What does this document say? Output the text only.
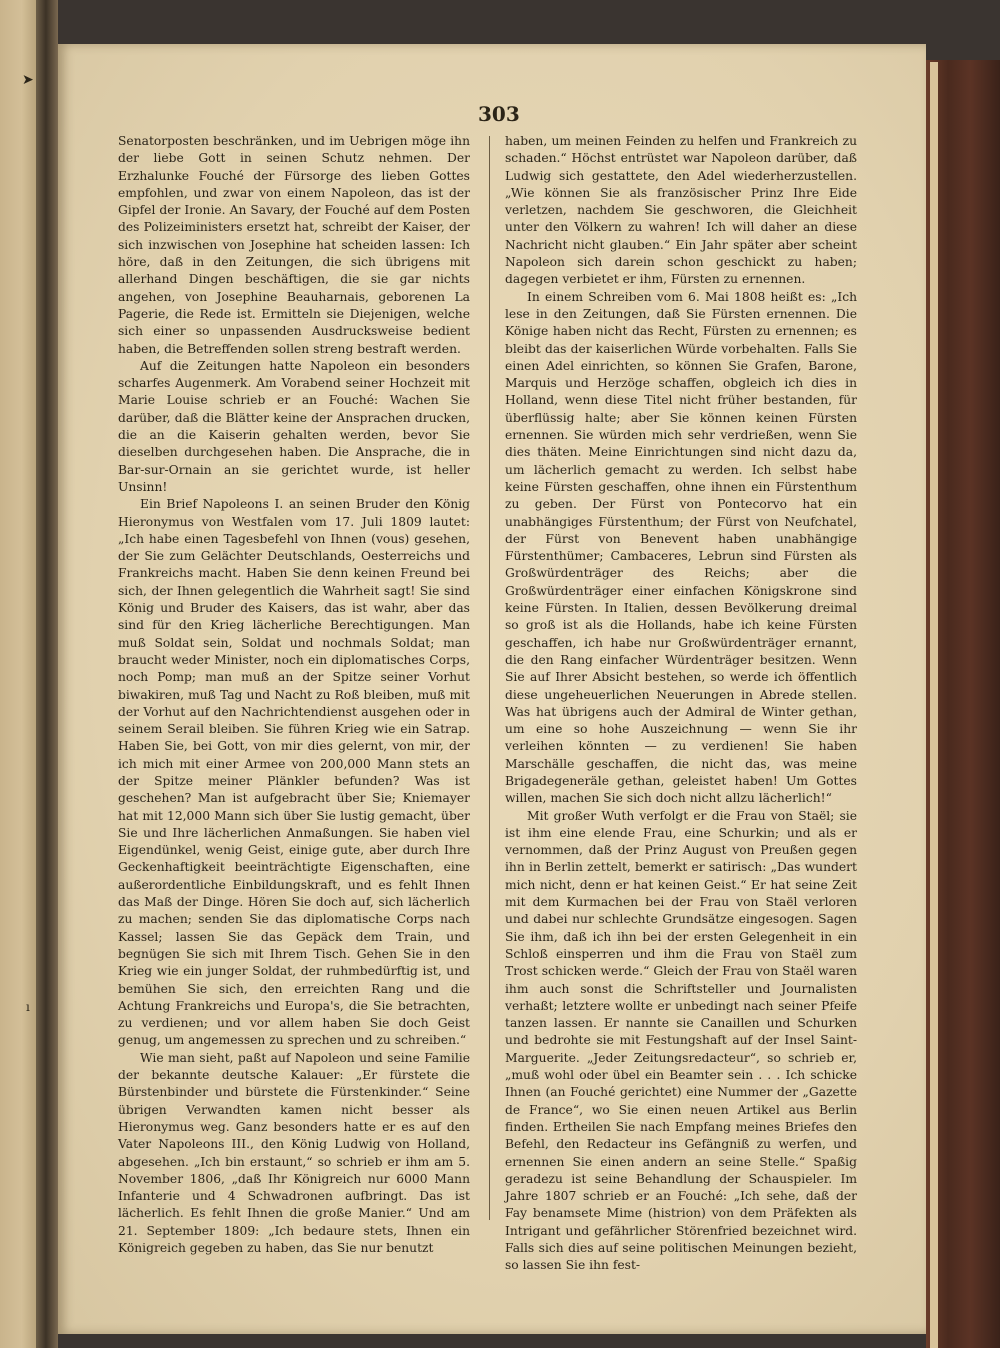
➤
ı
303

Senatorposten beschränken, und im Uebrigen möge ihn der liebe Gott in seinen Schutz nehmen. Der Erzhalunke Fouché der Fürsorge des lieben Gottes empfohlen, und zwar von einem Napoleon, das ist der Gipfel der Ironie. An Savary, der Fouché auf dem Posten des Polizeiministers ersetzt hat, schreibt der Kaiser, der sich inzwischen von Josephine hat scheiden lassen: Ich höre, daß in den Zeitungen, die sich übrigens mit allerhand Dingen beschäftigen, die sie gar nichts angehen, von Josephine Beauharnais, geborenen La Pagerie, die Rede ist. Ermitteln sie Diejenigen, welche sich einer so unpassenden Ausdrucksweise bedient haben, die Betreffenden sollen streng bestraft werden.

Auf die Zeitungen hatte Napoleon ein besonders scharfes Augenmerk. Am Vorabend seiner Hochzeit mit Marie Louise schrieb er an Fouché: Wachen Sie darüber, daß die Blätter keine der Ansprachen drucken, die an die Kaiserin gehalten werden, bevor Sie dieselben durchgesehen haben. Die Ansprache, die in Bar-sur-Ornain an sie gerichtet wurde, ist heller Unsinn!

Ein Brief Napoleons I. an seinen Bruder den König Hieronymus von Westfalen vom 17. Juli 1809 lautet: „Ich habe einen Tagesbefehl von Ihnen (vous) gesehen, der Sie zum Gelächter Deutschlands, Oesterreichs und Frankreichs macht. Haben Sie denn keinen Freund bei sich, der Ihnen gelegentlich die Wahrheit sagt! Sie sind König und Bruder des Kaisers, das ist wahr, aber das sind für den Krieg lächerliche Berechtigungen. Man muß Soldat sein, Soldat und nochmals Soldat; man braucht weder Minister, noch ein diplomatisches Corps, noch Pomp; man muß an der Spitze seiner Vorhut biwakiren, muß Tag und Nacht zu Roß bleiben, muß mit der Vorhut auf den Nachrichtendienst ausgehen oder in seinem Serail bleiben. Sie führen Krieg wie ein Satrap. Haben Sie, bei Gott, von mir dies gelernt, von mir, der ich mich mit einer Armee von 200,000 Mann stets an der Spitze meiner Plänkler befunden? Was ist geschehen? Man ist aufgebracht über Sie; Kniemayer hat mit 12,000 Mann sich über Sie lustig gemacht, über Sie und Ihre lächerlichen Anmaßungen. Sie haben viel Eigendünkel, wenig Geist, einige gute, aber durch Ihre Geckenhaftigkeit beeinträchtigte Eigenschaften, eine außerordentliche Einbildungskraft, und es fehlt Ihnen das Maß der Dinge. Hören Sie doch auf, sich lächerlich zu machen; senden Sie das diplomatische Corps nach Kassel; lassen Sie das Gepäck dem Train, und begnügen Sie sich mit Ihrem Tisch. Gehen Sie in den Krieg wie ein junger Soldat, der ruhmbedürftig ist, und bemühen Sie sich, den erreichten Rang und die Achtung Frankreichs und Europa's, die Sie betrachten, zu verdienen; und vor allem haben Sie doch Geist genug, um angemessen zu sprechen und zu schreiben.“

Wie man sieht, paßt auf Napoleon und seine Familie der bekannte deutsche Kalauer: „Er fürstete die Bürstenbinder und bürstete die Fürstenkinder.“ Seine übrigen Verwandten kamen nicht besser als Hieronymus weg. Ganz besonders hatte er es auf den Vater Napoleons III., den König Ludwig von Holland, abgesehen. „Ich bin erstaunt,“ so schrieb er ihm am 5. November 1806, „daß Ihr Königreich nur 6000 Mann Infanterie und 4 Schwadronen aufbringt. Das ist lächerlich. Es fehlt Ihnen die große Manier.“ Und am 21. September 1809: „Ich bedaure stets, Ihnen ein Königreich gegeben zu haben, das Sie nur benutzt

haben, um meinen Feinden zu helfen und Frankreich zu schaden.“ Höchst entrüstet war Napoleon darüber, daß Ludwig sich gestattete, den Adel wiederherzustellen. „Wie können Sie als französischer Prinz Ihre Eide verletzen, nachdem Sie geschworen, die Gleichheit unter den Völkern zu wahren! Ich will daher an diese Nachricht nicht glauben.“ Ein Jahr später aber scheint Napoleon sich darein schon geschickt zu haben; dagegen verbietet er ihm, Fürsten zu ernennen.

In einem Schreiben vom 6. Mai 1808 heißt es: „Ich lese in den Zeitungen, daß Sie Fürsten ernennen. Die Könige haben nicht das Recht, Fürsten zu ernennen; es bleibt das der kaiserlichen Würde vorbehalten. Falls Sie einen Adel einrichten, so können Sie Grafen, Barone, Marquis und Herzöge schaffen, obgleich ich dies in Holland, wenn diese Titel nicht früher bestanden, für überflüssig halte; aber Sie können keinen Fürsten ernennen. Sie würden mich sehr verdrießen, wenn Sie dies thäten. Meine Einrichtungen sind nicht dazu da, um lächerlich gemacht zu werden. Ich selbst habe keine Fürsten geschaffen, ohne ihnen ein Fürstenthum zu geben. Der Fürst von Pontecorvo hat ein unabhängiges Fürstenthum; der Fürst von Neufchatel, der Fürst von Benevent haben unabhängige Fürstenthümer; Cambaceres, Lebrun sind Fürsten als Großwürdenträger des Reichs; aber die Großwürdenträger einer einfachen Königskrone sind keine Fürsten. In Italien, dessen Bevölkerung dreimal so groß ist als die Hollands, habe ich keine Fürsten geschaffen, ich habe nur Großwürdenträger ernannt, die den Rang einfacher Würdenträger besitzen. Wenn Sie auf Ihrer Absicht bestehen, so werde ich öffentlich diese ungeheuerlichen Neuerungen in Abrede stellen. Was hat übrigens auch der Admiral de Winter gethan, um eine so hohe Auszeichnung — wenn Sie ihr verleihen könnten — zu verdienen! Sie haben Marschälle geschaffen, die nicht das, was meine Brigadegeneräle gethan, geleistet haben! Um Gottes willen, machen Sie sich doch nicht allzu lächerlich!“

Mit großer Wuth verfolgt er die Frau von Staël; sie ist ihm eine elende Frau, eine Schurkin; und als er vernommen, daß der Prinz August von Preußen gegen ihn in Berlin zettelt, bemerkt er satirisch: „Das wundert mich nicht, denn er hat keinen Geist.“ Er hat seine Zeit mit dem Kurmachen bei der Frau von Staël verloren und dabei nur schlechte Grundsätze eingesogen. Sagen Sie ihm, daß ich ihn bei der ersten Gelegenheit in ein Schloß einsperren und ihm die Frau von Staël zum Trost schicken werde.“ Gleich der Frau von Staël waren ihm auch sonst die Schriftsteller und Journalisten verhaßt; letztere wollte er unbedingt nach seiner Pfeife tanzen lassen. Er nannte sie Canaillen und Schurken und bedrohte sie mit Festungshaft auf der Insel Saint-Marguerite. „Jeder Zeitungsredacteur“, so schrieb er, „muß wohl oder übel ein Beamter sein . . . Ich schicke Ihnen (an Fouché gerichtet) eine Nummer der „Gazette de France“, wo Sie einen neuen Artikel aus Berlin finden. Ertheilen Sie nach Empfang meines Briefes den Befehl, den Redacteur ins Gefängniß zu werfen, und ernennen Sie einen andern an seine Stelle.“ Spaßig geradezu ist seine Behandlung der Schauspieler. Im Jahre 1807 schrieb er an Fouché: „Ich sehe, daß der Fay benamsete Mime (histrion) von dem Präfekten als Intrigant und gefährlicher Störenfried bezeichnet wird. Falls sich dies auf seine politischen Meinungen bezieht, so lassen Sie ihn fest-
